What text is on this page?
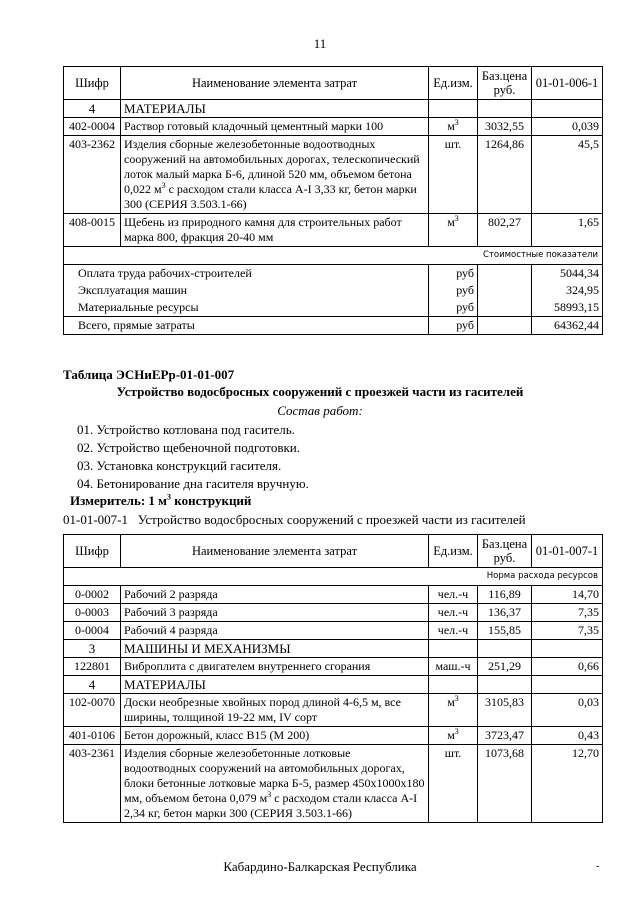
11
Шифр	Наименование элемента затрат	Ед.изм.	Баз.цена руб.	01-01-006-1
4	МАТЕРИАЛЫ			
402-0004	Раствор готовый кладочный цементный марки 100	$м^3$	3032,55	0,039
403-2362	Изделия сборные железобетонные водоотводных сооружений на автомобильных дорогах, телескопический лоток малый марка Б-6, длиной 520 мм, объемом бетона 0,022 $м^3$ с расходом стали класса А-I 3,33 кг, бетон марки 300 (СЕРИЯ 3.503.1-66)	шт.	1264,86	45,5
408-0015	Щебень из природного камня для строительных работ марка 800, фракция 20-40 мм	$м^3$	802,27	1,65
Стоимостные показатели				
Оплата труда рабочих-строителей		руб		5044,34
Эксплуатация машин		руб		324,95
Материальные ресурсы		руб		58993,15
Всего, прямые затраты		руб		64362,44
Таблица ЭСНиЕРр-01-01-007
Устройство водосбросных сооружений с проезжей части из гасителей
Состав работ:
01. Устройство котлована под гаситель.
02. Устройство щебеночной подготовки.
03. Установка конструкций гасителя.
04. Бетонирование дна гасителя вручную.
Измеритель: 1 $м^3$ конструкций
01-01-007-1   Устройство водосбросных сооружений с проезжей части из гасителей
Шифр	Наименование элемента затрат	Ед.изм.	Баз.цена руб.	01-01-007-1
Норма расхода ресурсов				
0-0002	Рабочий 2 разряда	чел.-ч	116,89	14,70
0-0003	Рабочий 3 разряда	чел.-ч	136,37	7,35
0-0004	Рабочий 4 разряда	чел.-ч	155,85	7,35
3	МАШИНЫ И МЕХАНИЗМЫ			
122801	Виброплита с двигателем внутреннего сгорания	маш.-ч	251,29	0,66
4	МАТЕРИАЛЫ			
102-0070	Доски необрезные хвойных пород длиной 4-6,5 м, все ширины, толщиной 19-22 мм, IV сорт	$м^3$	3105,83	0,03
401-0106	Бетон дорожный, класс В15 (М 200)	$м^3$	3723,47	0,43
403-2361	Изделия сборные железобетонные лотковые водоотводных сооружений на автомобильных дорогах, блоки бетонные лотковые марка Б-5, размер 450x1000x180 мм, объемом бетона 0,079 $м^3$ с расходом стали класса А-I 2,34 кг, бетон марки 300 (СЕРИЯ 3.503.1-66)	шт.	1073,68	12,70
Кабардино-Балкарская Республика	-
